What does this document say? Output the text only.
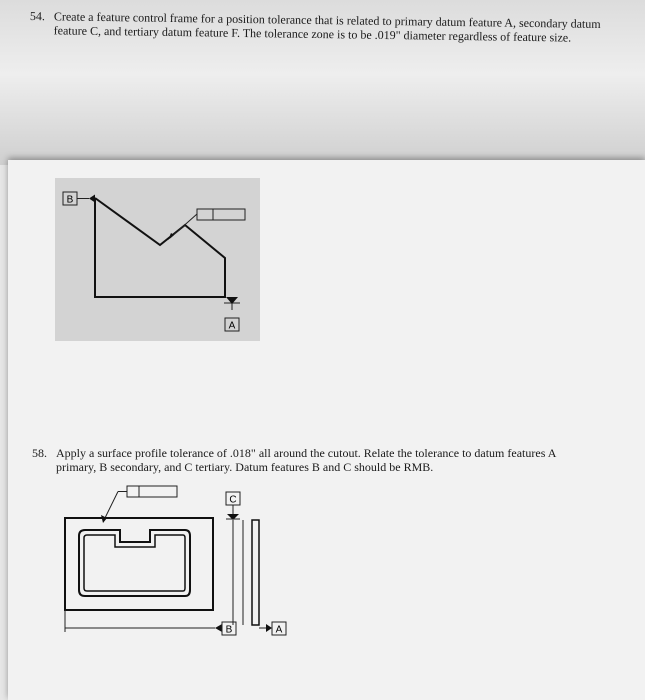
54. Create a feature control frame for a position tolerance that is related to primary datum feature A, secondary datum feature C, and tertiary datum feature F. The tolerance zone is to be .019" diameter regardless of feature size.
58. Apply a surface profile tolerance of .018" all around the cutout. Relate the tolerance to datum features A primary, B secondary, and C tertiary. Datum features B and C should be RMB.
B
A
C
B	A
